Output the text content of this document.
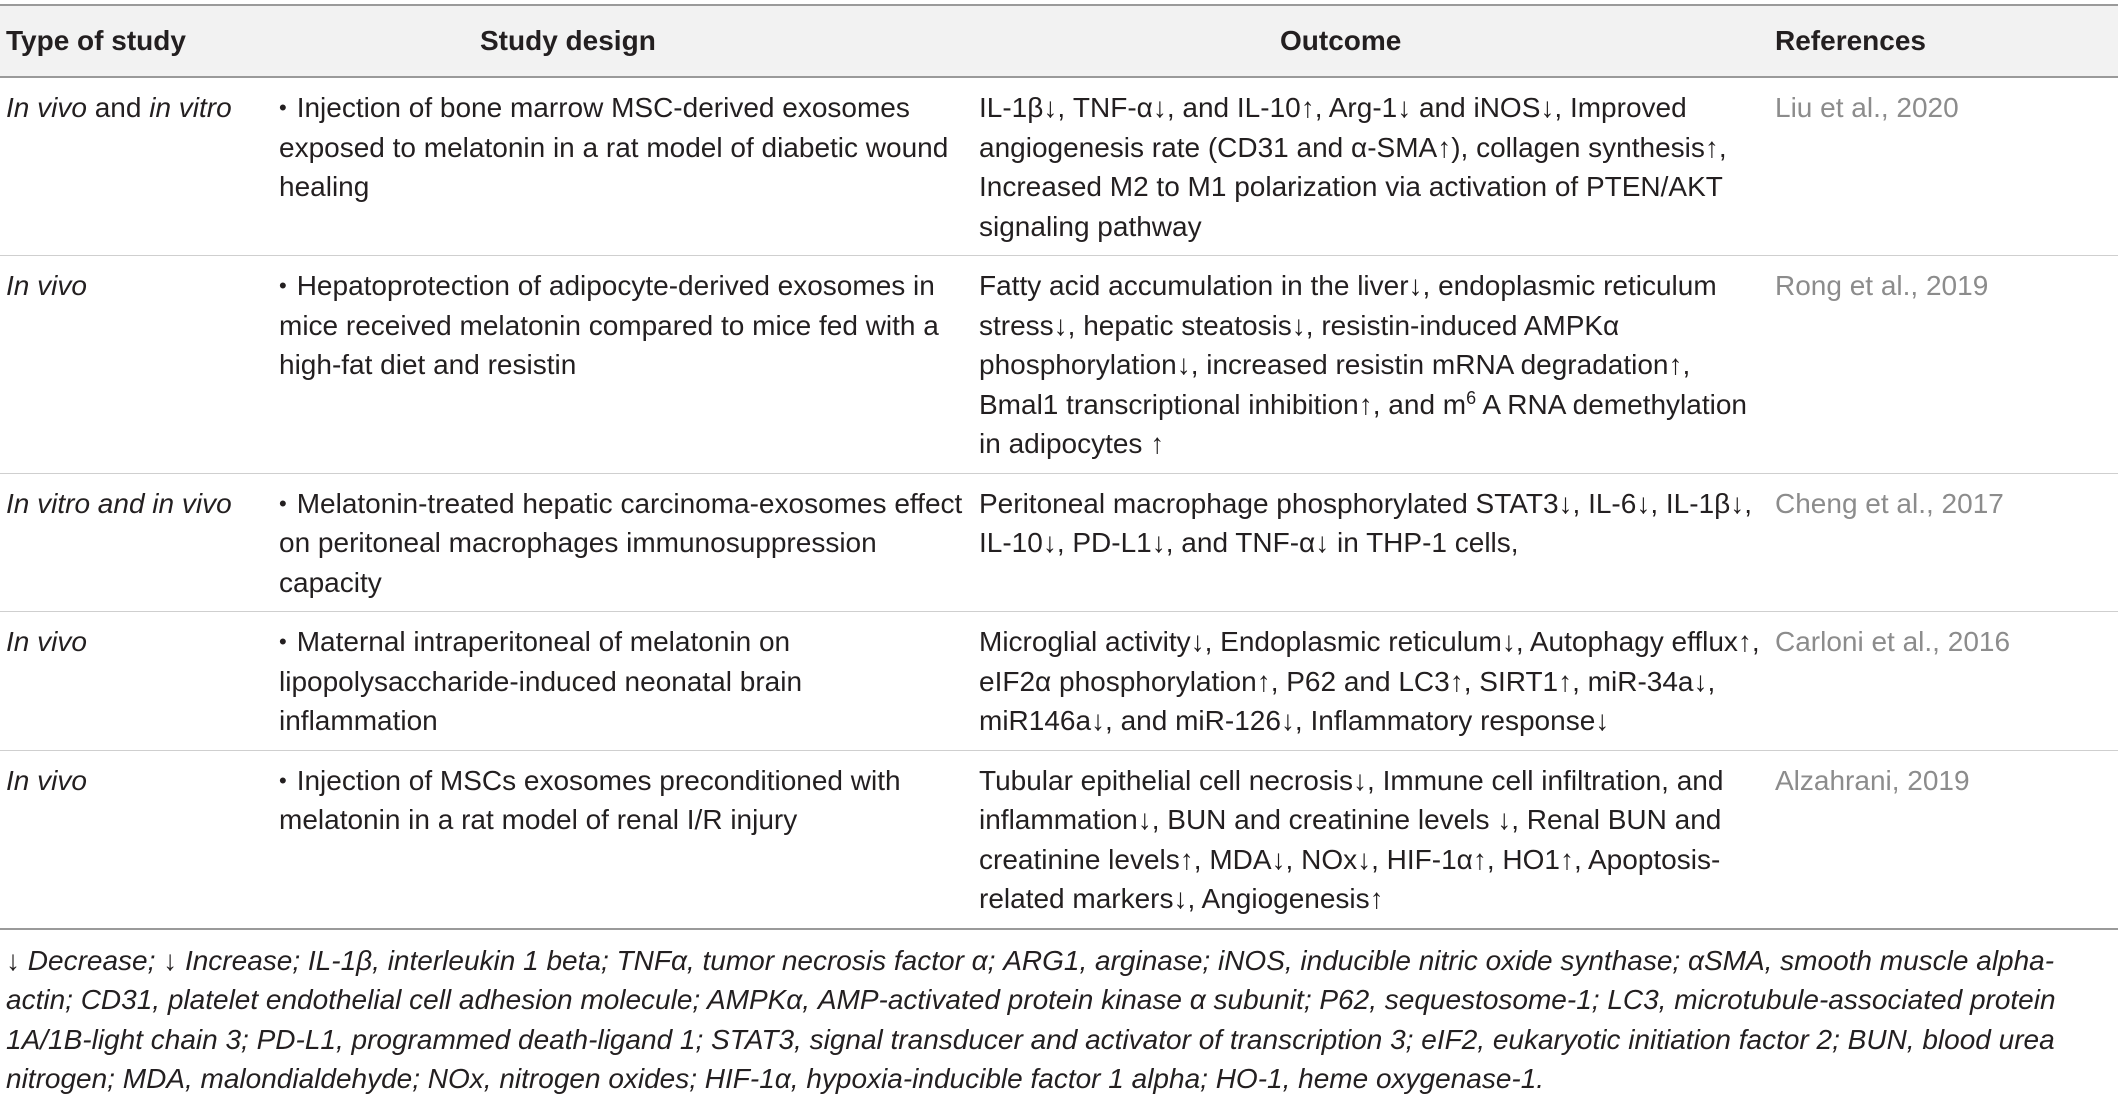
Type of study	Study design	Outcome	References
In vivo and in vitro	• Injection of bone marrow MSC-derived exosomes exposed to melatonin in a rat model of diabetic wound healing	IL-1β↓, TNF-α↓, and IL-10↑, Arg-1↓ and iNOS↓, Improved angiogenesis rate (CD31 and α-SMA↑), collagen synthesis↑, Increased M2 to M1 polarization via activation of PTEN/AKT signaling pathway	Liu et al., 2020
In vivo	• Hepatoprotection of adipocyte-derived exosomes in mice received melatonin compared to mice fed with a high-fat diet and resistin	Fatty acid accumulation in the liver↓, endoplasmic reticulum stress↓, hepatic steatosis↓, resistin-induced AMPKα phosphorylation↓, increased resistin mRNA degradation↑, Bmal1 transcriptional inhibition↑, and $m^6$ A RNA demethylation in adipocytes ↑	Rong et al., 2019
In vitro and in vivo	• Melatonin-treated hepatic carcinoma-exosomes effect on peritoneal macrophages immunosuppression capacity	Peritoneal macrophage phosphorylated STAT3↓, IL-6↓, IL-1β↓, IL-10↓, PD-L1↓, and TNF-α↓ in THP-1 cells,	Cheng et al., 2017
In vivo	• Maternal intraperitoneal of melatonin on lipopolysaccharide-induced neonatal brain inflammation	Microglial activity↓, Endoplasmic reticulum↓, Autophagy efflux↑, eIF2α phosphorylation↑, P62 and LC3↑, SIRT1↑, miR-34a↓, miR146a↓, and miR-126↓, Inflammatory response↓	Carloni et al., 2016
In vivo	• Injection of MSCs exosomes preconditioned with melatonin in a rat model of renal I/R injury	Tubular epithelial cell necrosis↓, Immune cell infiltration, and inflammation↓, BUN and creatinine levels ↓, Renal BUN and creatinine levels↑, MDA↓, NOx↓, HIF-1α↑, HO1↑, Apoptosis-related markers↓, Angiogenesis↑	Alzahrani, 2019

↓ Decrease; ↓ Increase; IL-1β, interleukin 1 beta; TNFα, tumor necrosis factor α; ARG1, arginase; iNOS, inducible nitric oxide synthase; αSMA, smooth muscle alpha-actin; CD31, platelet endothelial cell adhesion molecule; AMPKα, AMP-activated protein kinase α subunit; P62, sequestosome-1; LC3, microtubule-associated protein 1A/1B-light chain 3; PD-L1, programmed death-ligand 1; STAT3, signal transducer and activator of transcription 3; eIF2, eukaryotic initiation factor 2; BUN, blood urea nitrogen; MDA, malondialdehyde; NOx, nitrogen oxides; HIF-1α, hypoxia-inducible factor 1 alpha; HO-1, heme oxygenase-1.
